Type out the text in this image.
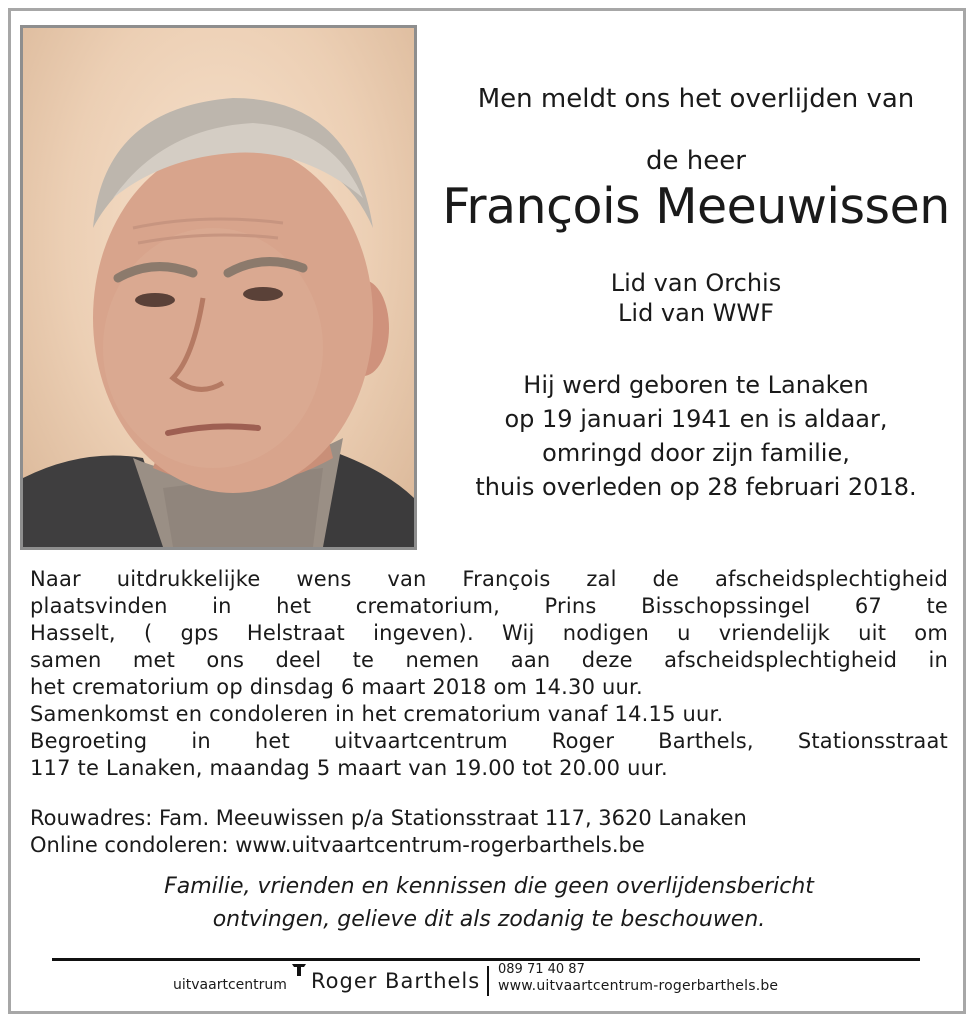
Men meldt ons het overlijden van
de heer
François Meeuwissen
Lid van Orchis
Lid van WWF
Hij werd geboren te Lanaken
op 19 januari 1941 en is aldaar,
omringd door zijn familie,
thuis overleden op 28 februari 2018.
Naar uitdrukkelijke wens van François zal de afscheidsplechtigheid
plaatsvinden in het crematorium, Prins Bisschopssingel 67 te
Hasselt, ( gps Helstraat ingeven). Wij nodigen u vriendelijk uit om
samen met ons deel te nemen aan deze afscheidsplechtigheid in
het crematorium op dinsdag 6 maart 2018 om 14.30 uur.
Samenkomst en condoleren in het crematorium vanaf 14.15 uur.
Begroeting in het uitvaartcentrum Roger Barthels, Stationsstraat
117 te Lanaken, maandag 5 maart van 19.00 tot 20.00 uur.
Rouwadres: Fam. Meeuwissen p/a Stationsstraat 117, 3620 Lanaken
Online condoleren: www.uitvaartcentrum-rogerbarthels.be
Familie, vrienden en kennissen die geen overlijdensbericht
ontvingen, gelieve dit als zodanig te beschouwen.
uitvaartcentrum Roger Barthels 089 71 40 87
www.uitvaartcentrum-rogerbarthels.be
